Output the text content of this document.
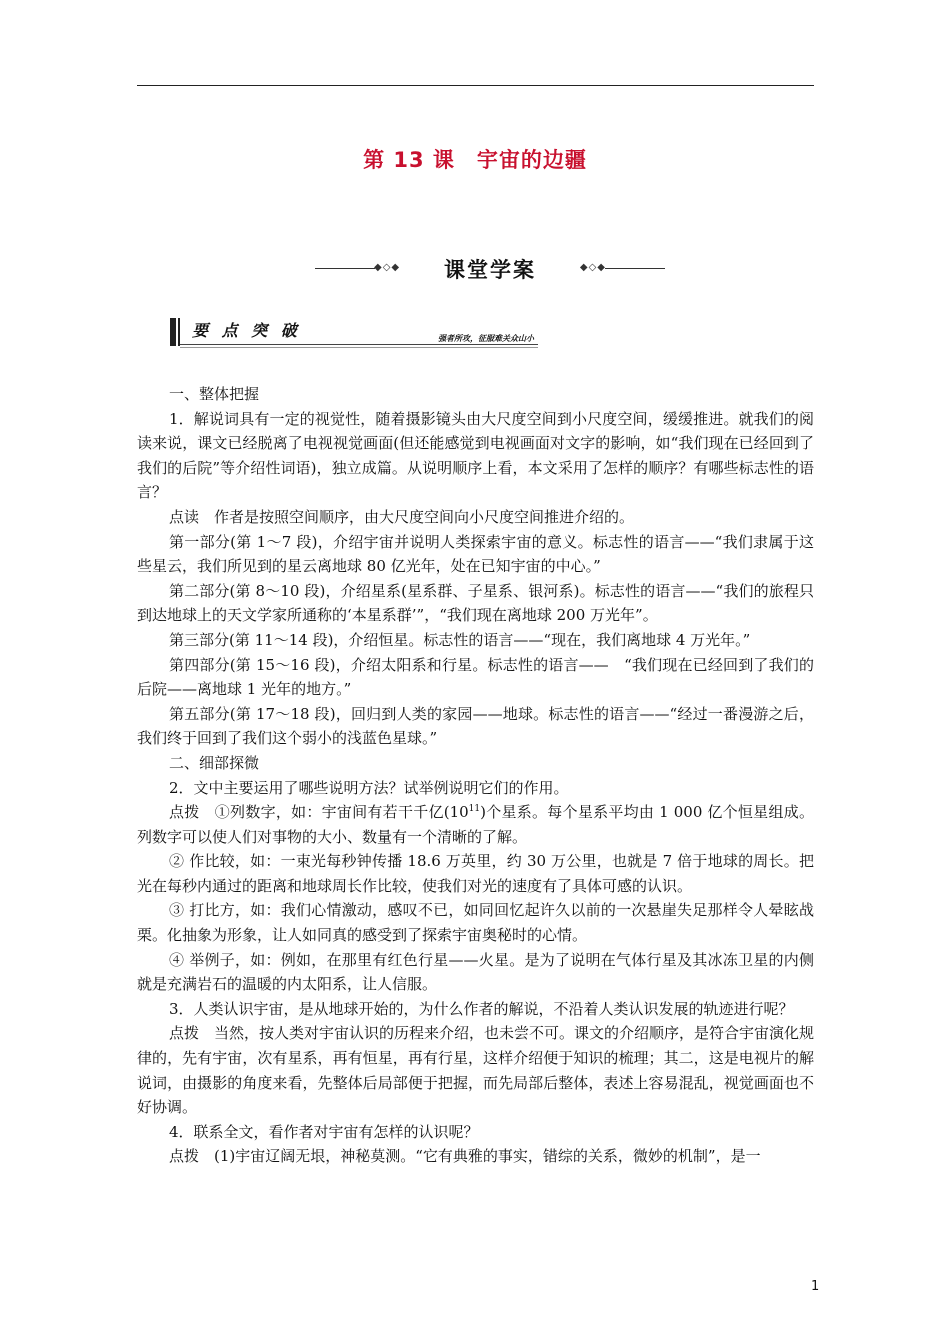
第 13 课　宇宙的边疆
◆◇◆	课堂学案	◆◇◆
要 点 突 破	强者所攻，征服难关众山小

一、整体把握

1．解说词具有一定的视觉性，随着摄影镜头由大尺度空间到小尺度空间，缓缓推进。就我们的阅读来说，课文已经脱离了电视视觉画面(但还能感觉到电视画面对文字的影响，如“我们现在已经回到了我们的后院”等介绍性词语)，独立成篇。从说明顺序上看，本文采用了怎样的顺序？有哪些标志性的语言？

点读　作者是按照空间顺序，由大尺度空间向小尺度空间推进介绍的。

第一部分(第 1～7 段)，介绍宇宙并说明人类探索宇宙的意义。标志性的语言——“我们隶属于这些星云，我们所见到的星云离地球 80 亿光年，处在已知宇宙的中心。”

第二部分(第 8～10 段)，介绍星系(星系群、子星系、银河系)。标志性的语言——“我们的旅程只到达地球上的天文学家所通称的‘本星系群’”，“我们现在离地球 200 万光年”。

第三部分(第 11～14 段)，介绍恒星。标志性的语言——“现在，我们离地球 4 万光年。”

第四部分(第 15～16 段)，介绍太阳系和行星。标志性的语言——　“我们现在已经回到了我们的后院——离地球 1 光年的地方。”

第五部分(第 17～18 段)，回归到人类的家园——地球。标志性的语言——“经过一番漫游之后，我们终于回到了我们这个弱小的浅蓝色星球。”

二、细部探微

2．文中主要运用了哪些说明方法？试举例说明它们的作用。

点拨　①列数字，如：宇宙间有若干千亿$(10^{11})$个星系。每个星系平均由 1 000 亿个恒星组成。列数字可以使人们对事物的大小、数量有一个清晰的了解。

② 作比较，如：一束光每秒钟传播 18.6 万英里，约 30 万公里，也就是 7 倍于地球的周长。把光在每秒内通过的距离和地球周长作比较，使我们对光的速度有了具体可感的认识。

③ 打比方，如：我们心情激动，感叹不已，如同回忆起许久以前的一次悬崖失足那样令人晕眩战栗。化抽象为形象，让人如同真的感受到了探索宇宙奥秘时的心情。

④ 举例子，如：例如，在那里有红色行星——火星。是为了说明在气体行星及其冰冻卫星的内侧就是充满岩石的温暖的内太阳系，让人信服。

3．人类认识宇宙，是从地球开始的，为什么作者的解说，不沿着人类认识发展的轨迹进行呢？

点拨　当然，按人类对宇宙认识的历程来介绍，也未尝不可。课文的介绍顺序，是符合宇宙演化规律的，先有宇宙，次有星系，再有恒星，再有行星，这样介绍便于知识的梳理；其二，这是电视片的解说词，由摄影的角度来看，先整体后局部便于把握，而先局部后整体，表述上容易混乱，视觉画面也不好协调。

4．联系全文，看作者对宇宙有怎样的认识呢？

点拨　(1)宇宙辽阔无垠，神秘莫测。“它有典雅的事实，错综的关系，微妙的机制”，是一

1
